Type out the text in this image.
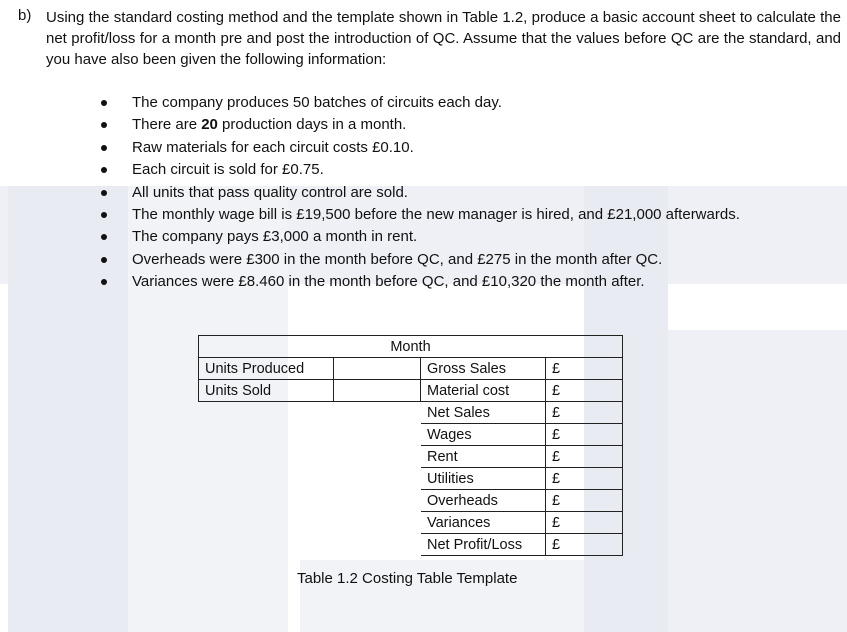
b) Using the standard costing method and the template shown in Table 1.2, produce a basic account sheet to calculate the net profit/loss for a month pre and post the introduction of QC. Assume that the values before QC are the standard, and you have also been given the following information:
The company produces 50 batches of circuits each day.
There are 20 production days in a month.
Raw materials for each circuit costs £0.10.
Each circuit is sold for £0.75.
All units that pass quality control are sold.
The monthly wage bill is £19,500 before the new manager is hired, and £21,000 afterwards.
The company pays £3,000 a month in rent.
Overheads were £300 in the month before QC, and £275 in the month after QC.
Variances were £8.460 in the month before QC, and £10,320 the month after.
Month			
Units Produced		Gross Sales	£
Units Sold		Material cost	£
		Net Sales	£
		Wages	£
		Rent	£
		Utilities	£
		Overheads	£
		Variances	£
		Net Profit/Loss	£
Table 1.2 Costing Table Template
